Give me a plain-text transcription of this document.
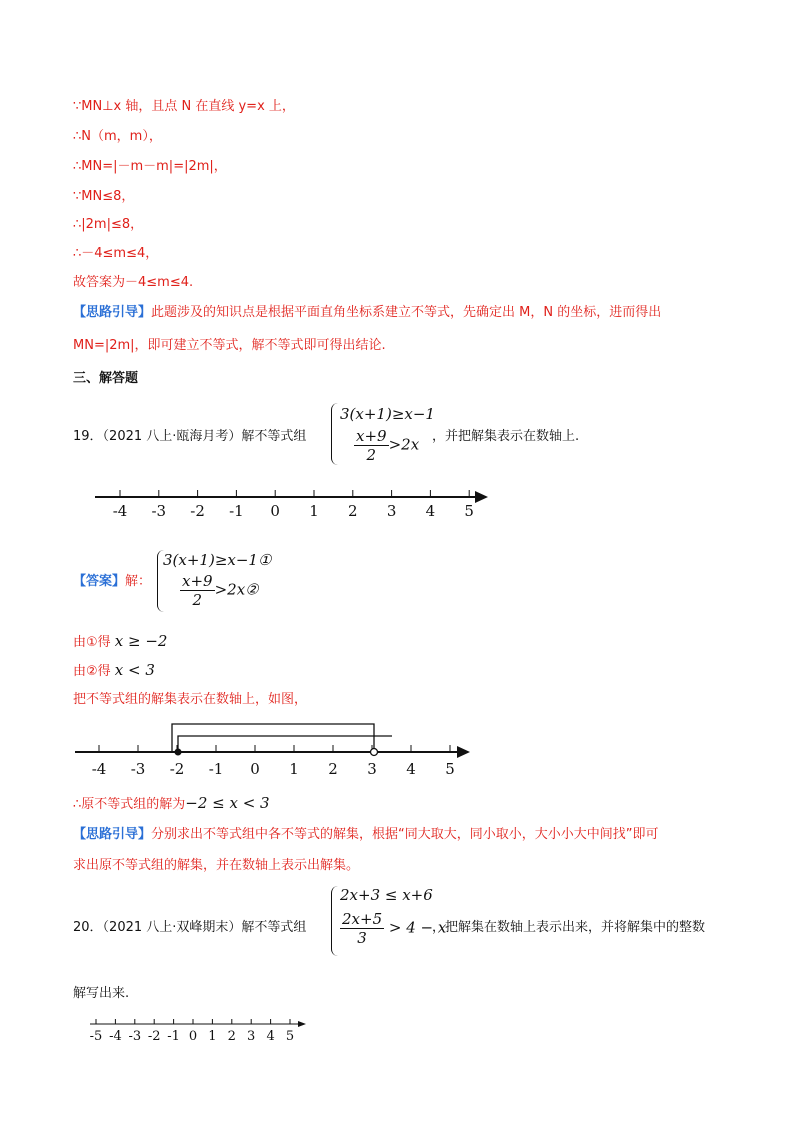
∵MN⊥x 轴，且点 N 在直线 y=x 上，
∴N（m，m），
∴MN=|－m－m|=|2m|，
∵MN≤8，
∴|2m|≤8，
∴－4≤m≤4，
故答案为－4≤m≤4.
【思路引导】此题涉及的知识点是根据平面直角坐标系建立不等式，先确定出 M，N 的坐标，进而得出
MN=|2m|，即可建立不等式，解不等式即可得出结论.
三、解答题
19．（2021 八上·瓯海月考）解不等式组
3(x+1)≥x−1
$\frac{x+9}{2} >2x$ ，并把解集表示在数轴上.
-4 -3 -2 -1 0 1 2 3 4 5
【答案】解：
3(x+1)≥x−1①
$\frac{x+9}{2}$ >2x②
由①得 x ≥ −2
由②得 x < 3
把不等式组的解集表示在数轴上，如图，
-4 -3 -2 -1 0 1 2 3 4 5
∴原不等式组的解为−2 ≤ x < 3
【思路引导】分别求出不等式组中各不等式的解集，根据“同大取大，同小取小，大小小大中间找”即可
求出原不等式组的解集，并在数轴上表示出解集。
20．（2021 八上·双峰期末）解不等式组
2x+3 ≤ x+6
$\frac{2x+5}{3} > 4 - x$
，把解集在数轴上表示出来，并将解集中的整数
解写出来.
-5 -4 -3 -2 -1 0 1 2 3 4 5
